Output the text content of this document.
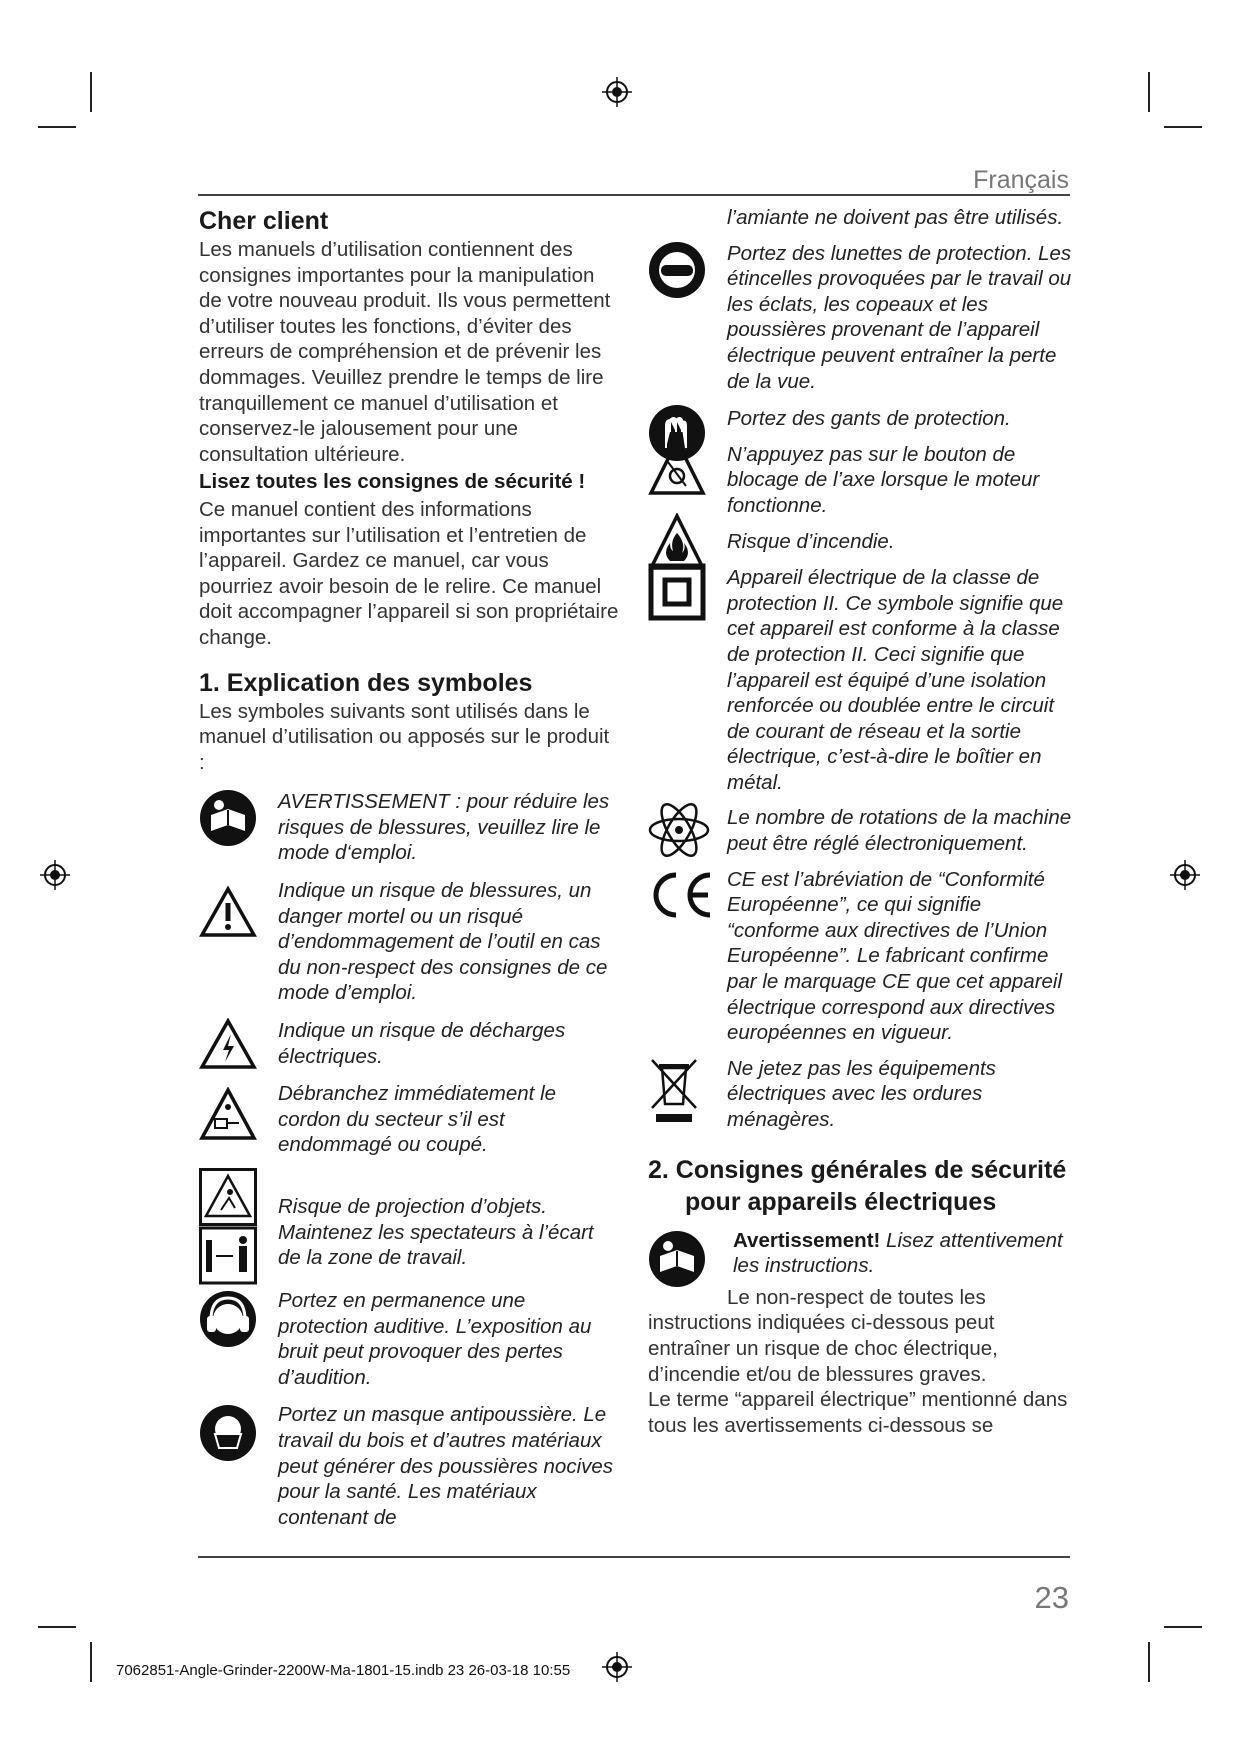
Français
Cher client

Les manuels d’utilisation contiennent des consignes importantes pour la manipulation de votre nouveau produit. Ils vous permettent d’utiliser toutes les fonctions, d’éviter des erreurs de compréhension et de prévenir les dommages. Veuillez prendre le temps de lire tranquillement ce manuel d’utilisation et conservez-le jalousement pour une consultation ultérieure.

Lisez toutes les consignes de sécurité !

Ce manuel contient des informations importantes sur l’utilisation et l’entretien de l’appareil. Gardez ce manuel, car vous pourriez avoir besoin de le relire. Ce manuel doit accompagner l’appareil si son propriétaire change.

1. Explication des symboles

Les symboles suivants sont utilisés dans le manuel d’utilisation ou apposés sur le produit :

AVERTISSEMENT : pour réduire les risques de blessures, veuillez lire le mode d‘emploi.
Indique un risque de blessures, un danger mortel ou un risqué d’endommagement de l’outil en cas du non-respect des consignes de ce mode d’emploi.
Indique un risque de décharges électriques.
Débranchez immédiatement le cordon du secteur s’il est endommagé ou coupé.
Risque de projection d’objets. Maintenez les spectateurs à l’écart de la zone de travail.
Portez en permanence une protection auditive. L’exposition au bruit peut provoquer des pertes d’audition.
Portez un masque antipoussière. Le travail du bois et d’autres matériaux peut générer des poussières nocives pour la santé. Les matériaux contenant de
l’amiante ne doivent pas être utilisés.
Portez des lunettes de protection. Les étincelles provoquées par le travail ou les éclats, les copeaux et les poussières provenant de l’appareil électrique peuvent entraîner la perte de la vue.
Portez des gants de protection.
N’appuyez pas sur le bouton de blocage de l’axe lorsque le moteur fonctionne.
Risque d’incendie.
Appareil électrique de la classe de protection II. Ce symbole signifie que cet appareil est conforme à la classe de protection II. Ceci signifie que l’appareil est équipé d’une isolation renforcée ou doublée entre le circuit de courant de réseau et la sortie électrique, c’est-à-dire le boîtier en métal.
Le nombre de rotations de la machine peut être réglé électroniquement.
CE est l’abréviation de “Conformité Européenne”, ce qui signifie “conforme aux directives de l’Union Européenne”. Le fabricant confirme par le marquage CE que cet appareil électrique correspond aux directives européennes en vigueur.
Ne jetez pas les équipements électriques avec les ordures ménagères.
2. Consignes générales de sécurité
pour appareils électriques
Avertissement! Lisez attentivement les instructions.

Le non-respect de toutes les instructions indiquées ci-dessous peut entraîner un risque de choc électrique, d’incendie et/ou de blessures graves.

Le terme “appareil électrique” mentionné dans tous les avertissements ci-dessous se

23
7062851-Angle-Grinder-2200W-Ma-1801-15.indb 23 26-03-18 10:55
